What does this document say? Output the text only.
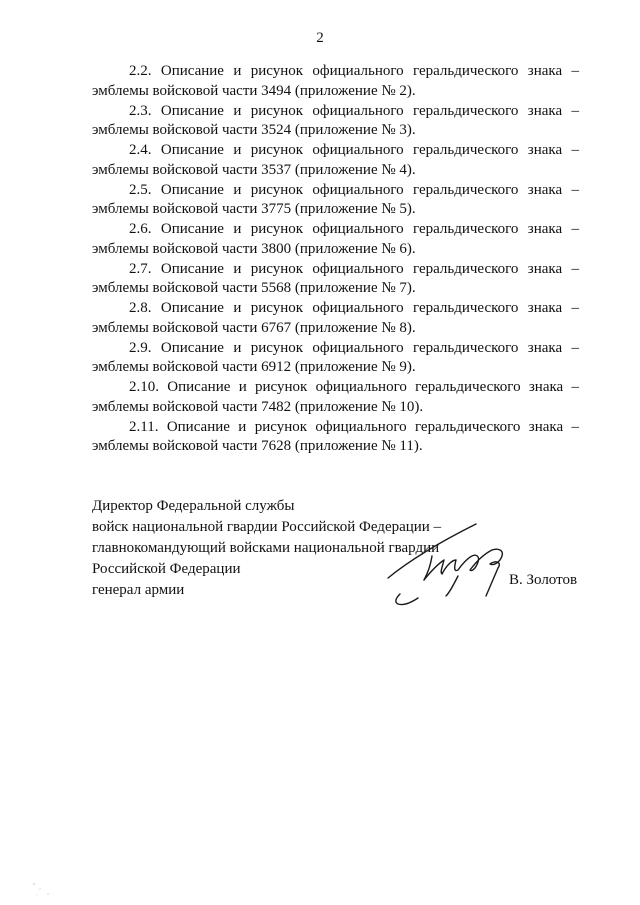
2
2.2. Описание и рисунок официального геральдического знака –
эмблемы войсковой части 3494 (приложение № 2).
2.3. Описание и рисунок официального геральдического знака –
эмблемы войсковой части 3524 (приложение № 3).
2.4. Описание и рисунок официального геральдического знака –
эмблемы войсковой части 3537 (приложение № 4).
2.5. Описание и рисунок официального геральдического знака –
эмблемы войсковой части 3775 (приложение № 5).
2.6. Описание и рисунок официального геральдического знака –
эмблемы войсковой части 3800 (приложение № 6).
2.7. Описание и рисунок официального геральдического знака –
эмблемы войсковой части 5568 (приложение № 7).
2.8. Описание и рисунок официального геральдического знака –
эмблемы войсковой части 6767 (приложение № 8).
2.9. Описание и рисунок официального геральдического знака –
эмблемы войсковой части 6912 (приложение № 9).
2.10. Описание и рисунок официального геральдического знака –
эмблемы войсковой части 7482 (приложение № 10).
2.11. Описание и рисунок официального геральдического знака –
эмблемы войсковой части 7628 (приложение № 11).
Директор Федеральной службы
войск национальной гвардии Российской Федерации –
главнокомандующий войсками национальной гвардии
Российской Федерации
генерал армии
В. Золотов
